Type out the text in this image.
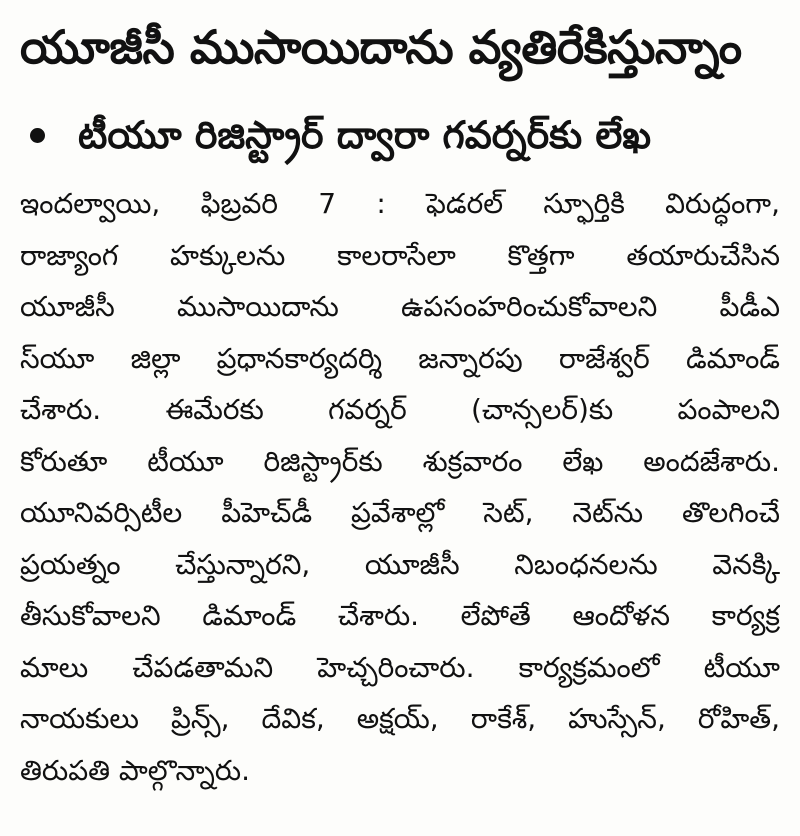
యూజీసీ ముసాయిదాను వ్యతిరేకిస్తున్నాం
టీయూ రిజిస్ట్రార్ ద్వారా గవర్నర్‌కు లేఖ
ఇందల్వాయి, ఫిబ్రవరి 7 : ఫెడరల్ స్ఫూర్తికి విరుద్ధంగా,
రాజ్యాంగ హక్కులను కాలరాసేలా కొత్తగా తయారుచేసిన
యూజీసీ ముసాయిదాను ఉపసంహరించుకోవాలని పీడీఎ
స్‌యూ జిల్లా ప్రధానకార్యదర్శి జన్నారపు రాజేశ్వర్ డిమాండ్
చేశారు. ఈమేరకు గవర్నర్ (చాన్సలర్)కు పంపాలని
కోరుతూ టీయూ రిజిస్ట్రార్‌కు శుక్రవారం లేఖ అందజేశారు.
యూనివర్సిటీల పీహెచ్‌డీ ప్రవేశాల్లో సెట్, నెట్‌ను తొలగించే
ప్రయత్నం చేస్తున్నారని, యూజీసీ నిబంధనలను వెనక్కి
తీసుకోవాలని డిమాండ్ చేశారు. లేపోతే ఆందోళన కార్యక్ర
మాలు చేపడతామని హెచ్చరించారు. కార్యక్రమంలో టీయూ
నాయకులు ప్రిన్స్, దేవిక, అక్షయ్, రాకేశ్, హుస్సేన్, రోహిత్,
తిరుపతి పాల్గొన్నారు.
